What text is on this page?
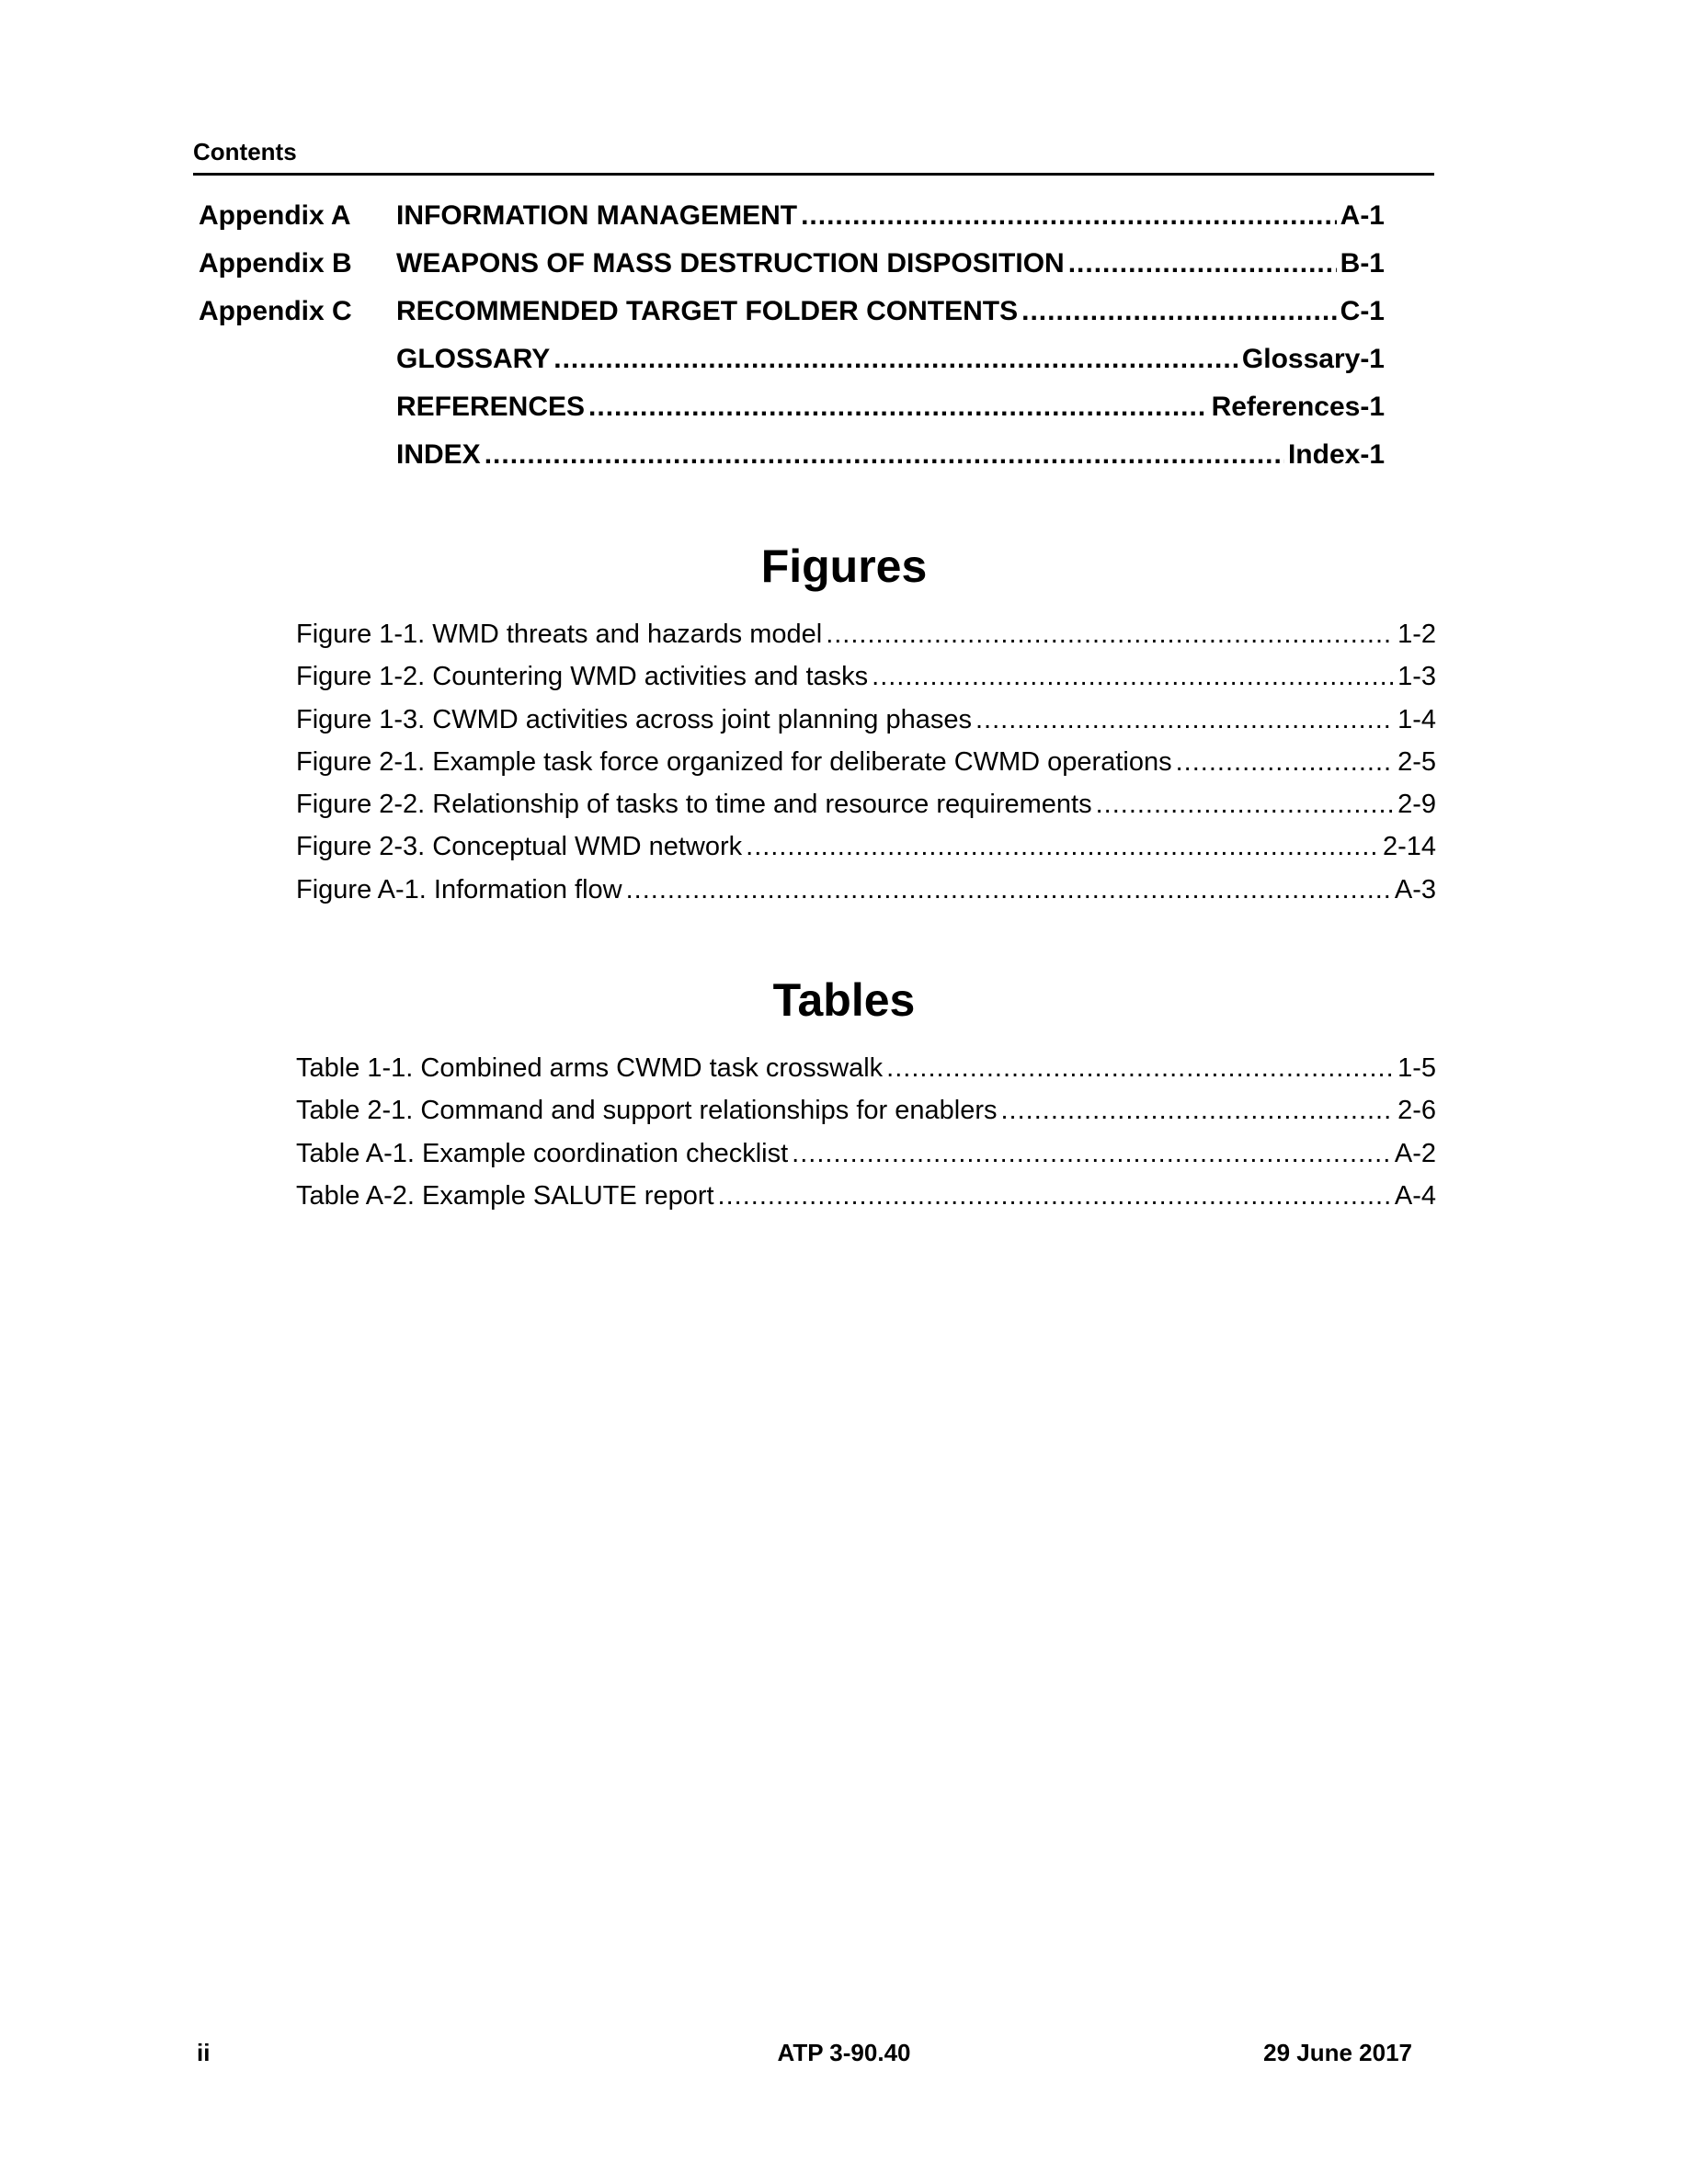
Contents
Appendix A	INFORMATION MANAGEMENT .....	A-1
Appendix B	WEAPONS OF MASS DESTRUCTION DISPOSITION .....	B-1
Appendix C	RECOMMENDED TARGET FOLDER CONTENTS .....	C-1
GLOSSARY .....	Glossary-1
REFERENCES .....	References-1
INDEX .....	Index-1
Figures
Figure 1-1. WMD threats and hazards model .....	1-2
Figure 1-2. Countering WMD activities and tasks .....	1-3
Figure 1-3. CWMD activities across joint planning phases .....	1-4
Figure 2-1. Example task force organized for deliberate CWMD operations .....	2-5
Figure 2-2. Relationship of tasks to time and resource requirements .....	2-9
Figure 2-3. Conceptual WMD network .....	2-14
Figure A-1. Information flow .....	A-3
Tables
Table 1-1. Combined arms CWMD task crosswalk .....	1-5
Table 2-1. Command and support relationships for enablers .....	2-6
Table A-1. Example coordination checklist .....	A-2
Table A-2. Example SALUTE report .....	A-4
ii	ATP 3-90.40	29 June 2017
